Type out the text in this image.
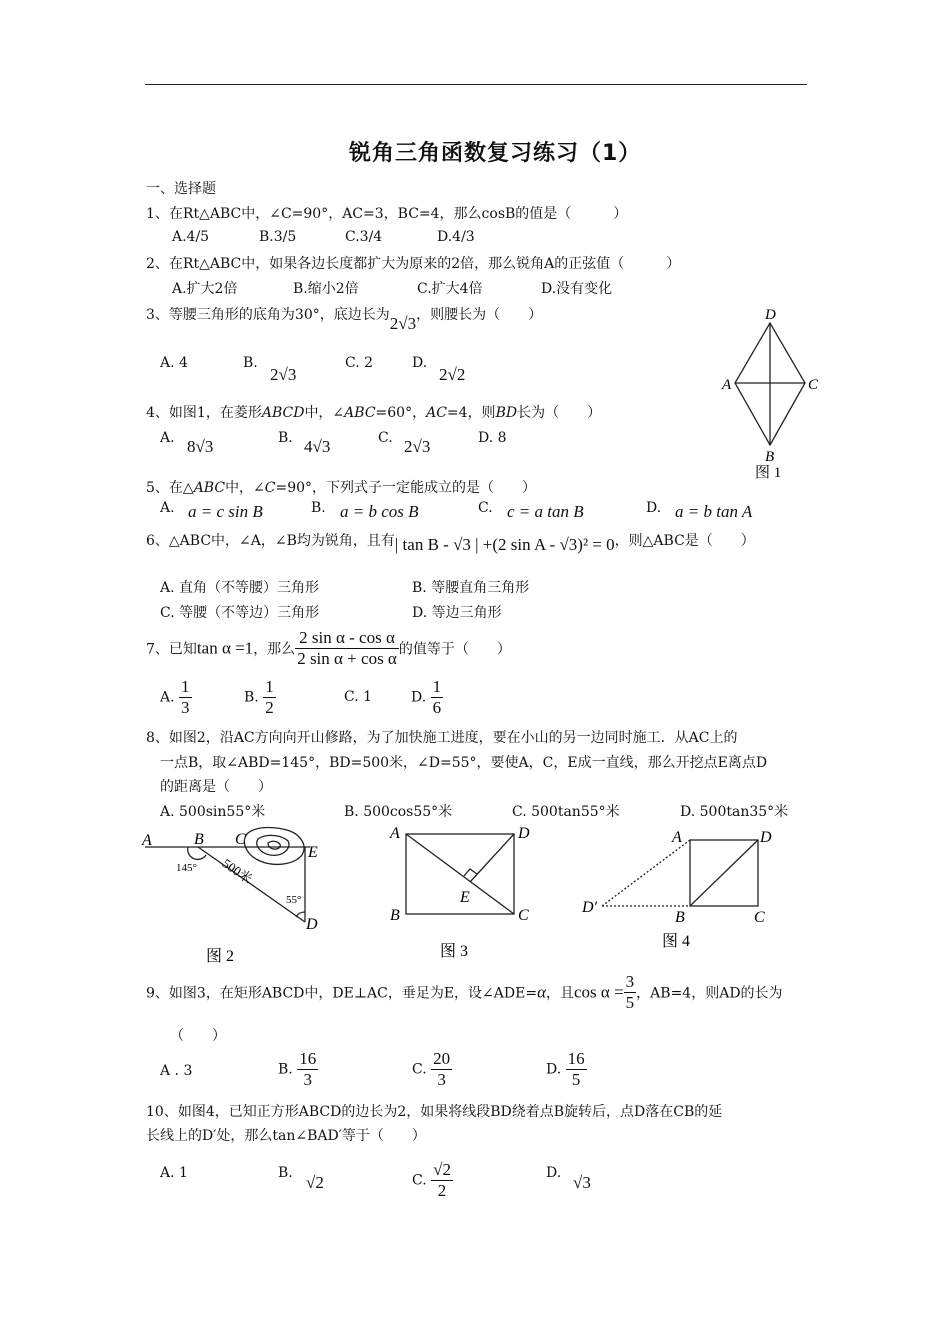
锐角三角函数复习练习（1）
一、选择题
1、在Rt△ABC中，∠C=90°，AC=3，BC=4，那么cosB的值是（　　　）
A.4/5	B.3/5	C.3/4	D.4/3
2、在Rt△ABC中，如果各边长度都扩大为原来的2倍，那么锐角A的正弦值（　　　）
A.扩大2倍	B.缩小2倍	C.扩大4倍	D.没有变化
3、等腰三角形的底角为30°，底边长为2√3，则腰长为（　　）
A. 4	B.
2√3
C. 2	D.
2√2
4、如图1，在菱形ABCD中，∠ABC=60°，AC=4，则BD长为（　　）
A. 8√3	B. 4√3	C. 2√3	D. 8
D
A	C
B
图 1
5、在△ABC中，∠C=90°，下列式子一定能成立的是（　　）
A. a = c sin B	B. a = b cos B	C. c = a tan B	D. a = b tan A
6、△ABC中，∠A，∠B均为锐角，且有| tan B - √3 | +(2 sin A - √3)² = 0，则△ABC是（　　）
A. 直角（不等腰）三角形	B. 等腰直角三角形
C. 等腰（不等边）三角形	D. 等边三角形
7、已知tan α =1，那么 $\frac{\text{2 sin α - cos α}}{\text{2 sin α + cos α}}$ 的值等于（　　）
A. $\frac{1}{3}$	B. $\frac{1}{2}$	C. 1	D. $\frac{1}{6}$
8、如图2，沿AC方向向开山修路，为了加快施工进度，要在小山的另一边同时施工．从AC上的
一点B，取∠ABD=145°，BD=500米，∠D=55°，要使A，C，E成一直线，那么开挖点E离点D
的距离是（　　）
A. 500sin55°米	B. 500cos55°米	C. 500tan55°米	D. 500tan35°米
A	B C
E
D
145°
55°
500米
图 2
A	D
B	C
E
图 3
A	D
D′
B	C
图 4
9、如图3，在矩形ABCD中，DE⊥AC，垂足为E，设∠ADE=α，且$\cos \alpha = \frac{3}{5}$ ，AB=4，则AD的长为
（　　）
A . 3	B. $\frac{16}{3}$	C. $\frac{20}{3}$	D. $\frac{16}{5}$
10、如图4，已知正方形ABCD的边长为2，如果将线段BD绕着点B旋转后，点D落在CB的延
长线上的D′处，那么tan∠BAD′等于（　　）
A. 1	B. √2	C. $\frac{√2}{2}$	D. √3
